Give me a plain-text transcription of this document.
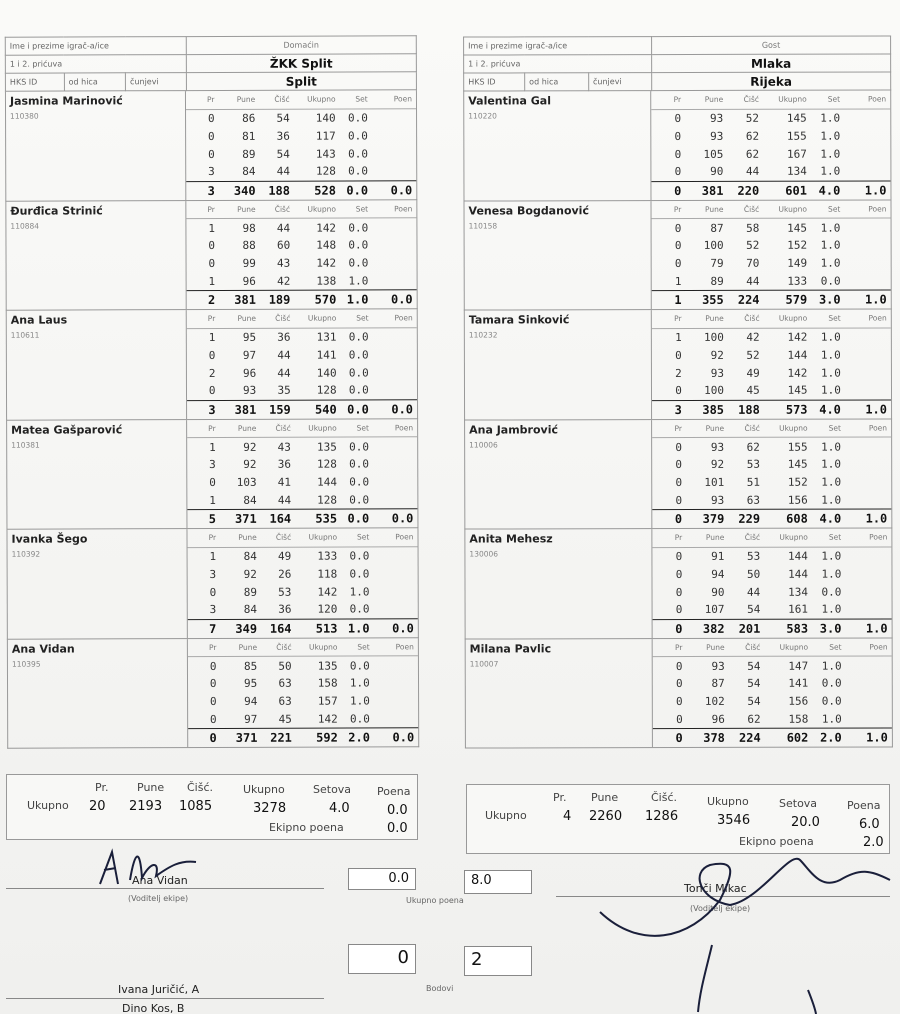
Ime i prezime igrač-a/ice			Domaćin
1 i 2. prićuva			ŽKK Split
HKS ID	od hica	čunjevi	Split
Jasmina Marinović
110380
Pr	Pune	Čišć	Ukupno	Set	Poen
0	86	54	140	0.0
0	81	36	117	0.0
0	89	54	143	0.0
3	84	44	128	0.0
3	340	188	528 0.0	0.0
Đurđica Strinić
110884
Pr	Pune	Čišć	Ukupno	Set	Poen
1	98	44	142	0.0
0	88	60	148	0.0
0	99	43	142	0.0
1	96	42	138	1.0
2	381	189	570 1.0	0.0
Ana Laus
110611
Pr	Pune	Čišć	Ukupno	Set	Poen
1	95	36	131	0.0
0	97	44	141	0.0
2	96	44	140	0.0
0	93	35	128	0.0
3	381	159	540 0.0	0.0
Matea Gašparović
110381
Pr	Pune	Čišć	Ukupno	Set	Poen
1	92	43	135	0.0
3	92	36	128	0.0
0	103	41	144	0.0
1	84	44	128	0.0
5	371	164	535 0.0	0.0
Ivanka Šego
110392
Pr	Pune	Čišć	Ukupno	Set	Poen
1	84	49	133	0.0
3	92	26	118	0.0
0	89	53	142	1.0
3	84	36	120	0.0
7	349	164	513 1.0	0.0
Ana Vidan
110395
Pr	Pune	Čišć	Ukupno	Set	Poen
0	85	50	135	0.0
0	95	63	158	1.0
0	94	63	157	1.0
0	97	45	142	0.0
0	371	221	592 2.0	0.0
Ime i prezime igrač-a/ice			Gost
1 i 2. prićuva			Mlaka
HKS ID	od hica	čunjevi	Rijeka
Valentina Gal
110220
Pr	Pune	Čišć	Ukupno	Set	Poen
0	93	52	145	1.0
0	93	62	155	1.0
0	105	62	167	1.0
0	90	44	134	1.0
0	381	220	601 4.0	1.0
Venesa Bogdanović
110158
Pr	Pune	Čišć	Ukupno	Set	Poen
0	87	58	145	1.0
0	100	52	152	1.0
0	79	70	149	1.0
1	89	44	133	0.0
1	355	224	579 3.0	1.0
Tamara Sinković
110232
Pr	Pune	Čišć	Ukupno	Set	Poen
1	100	42	142	1.0
0	92	52	144	1.0
2	93	49	142	1.0
0	100	45	145	1.0
3	385	188	573 4.0	1.0
Ana Jambrović
110006
Pr	Pune	Čišć	Ukupno	Set	Poen
0	93	62	155	1.0
0	92	53	145	1.0
0	101	51	152	1.0
0	93	63	156	1.0
0	379	229	608 4.0	1.0
Anita Mehesz
130006
Pr	Pune	Čišć	Ukupno	Set	Poen
0	91	53	144	1.0
0	94	50	144	1.0
0	90	44	134	0.0
0	107	54	161	1.0
0	382	201	583 3.0	1.0
Milana Pavlic
110007
Pr	Pune	Čišć	Ukupno	Set	Poen
0	93	54	147	1.0
0	87	54	141	0.0
0	102	54	156	0.0
0	96	62	158	1.0
0	378	224	602 2.0	1.0
Pr.	Pune Čišć.	Ukupno	Setova Poena
Ukupno 20 2193 1085	3278	4.0	0.0
Ekipno poena	0.0
Pr. Pune	Čišć.	Ukupno	Setova	Poena
Ukupno	4 2260 1286	3546	20.0	6.0
Ekipno poena	2.0
0.0	8.0
Ukupno poena
0	2
Bodovi
Ana Vidan
(Voditelj ekipe)
Tonči Mikac
(Voditelj ekipe)
Ivana Juričić, A
Dino Kos, B
